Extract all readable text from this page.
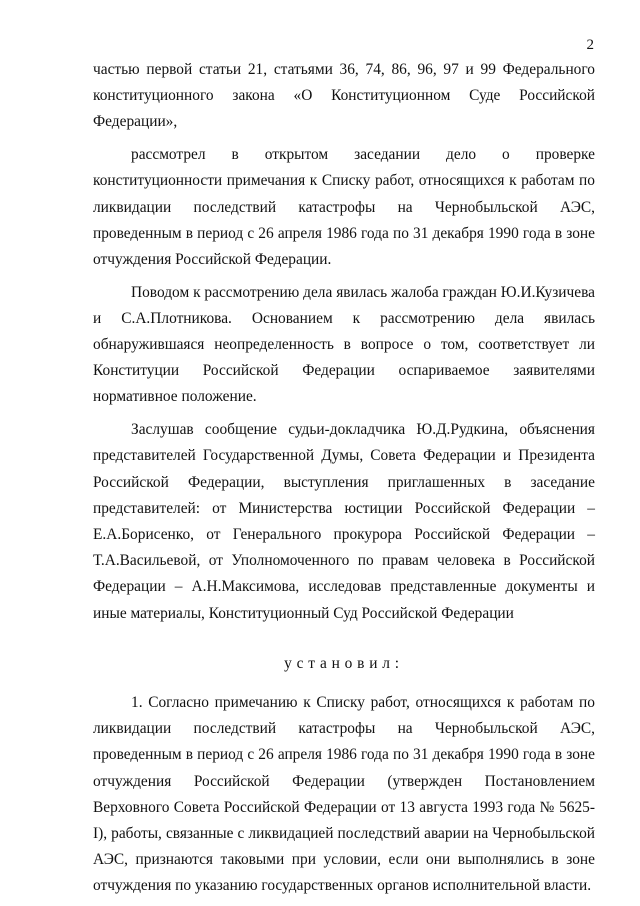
2

частью первой статьи 21, статьями 36, 74, 86, 96, 97 и 99 Федерального конституционного закона «О Конституционном Суде Российской Федерации»,

рассмотрел в открытом заседании дело о проверке конституционности примечания к Списку работ, относящихся к работам по ликвидации последствий катастрофы на Чернобыльской АЭС, проведенным в период с 26 апреля 1986 года по 31 декабря 1990 года в зоне отчуждения Российской Федерации.

Поводом к рассмотрению дела явилась жалоба граждан Ю.И.Кузичева и С.А.Плотникова. Основанием к рассмотрению дела явилась обнаружившаяся неопределенность в вопросе о том, соответствует ли Конституции Российской Федерации оспариваемое заявителями нормативное положение.

Заслушав сообщение судьи-докладчика Ю.Д.Рудкина, объяснения представителей Государственной Думы, Совета Федерации и Президента Российской Федерации, выступления приглашенных в заседание представителей: от Министерства юстиции Российской Федерации – Е.А.Борисенко, от Генерального прокурора Российской Федерации – Т.А.Васильевой, от Уполномоченного по правам человека в Российской Федерации – А.Н.Максимова, исследовав представленные документы и иные материалы, Конституционный Суд Российской Федерации

установил:

1. Согласно примечанию к Списку работ, относящихся к работам по ликвидации последствий катастрофы на Чернобыльской АЭС, проведенным в период с 26 апреля 1986 года по 31 декабря 1990 года в зоне отчуждения Российской Федерации (утвержден Постановлением Верховного Совета Российской Федерации от 13 августа 1993 года № 5625-I), работы, связанные с ликвидацией последствий аварии на Чернобыльской АЭС, признаются таковыми при условии, если они выполнялись в зоне отчуждения по указанию государственных органов исполнительной власти.
